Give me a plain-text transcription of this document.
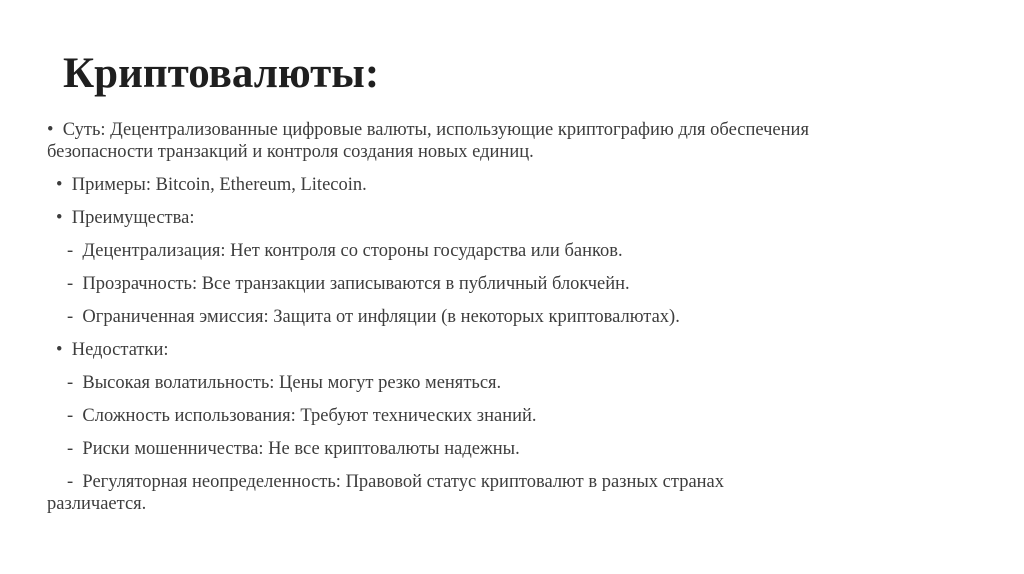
Криптовалюты:
•  Суть: Децентрализованные цифровые валюты, использующие криптографию для обеспечения
безопасности транзакций и контроля создания новых единиц.
•  Примеры: Bitcoin, Ethereum, Litecoin.
•  Преимущества:
-  Децентрализация: Нет контроля со стороны государства или банков.
-  Прозрачность: Все транзакции записываются в публичный блокчейн.
-  Ограниченная эмиссия: Защита от инфляции (в некоторых криптовалютах).
•  Недостатки:
-  Высокая волатильность: Цены могут резко меняться.
-  Сложность использования: Требуют технических знаний.
-  Риски мошенничества: Не все криптовалюты надежны.
-  Регуляторная неопределенность: Правовой статус криптовалют в разных странах
различается.
